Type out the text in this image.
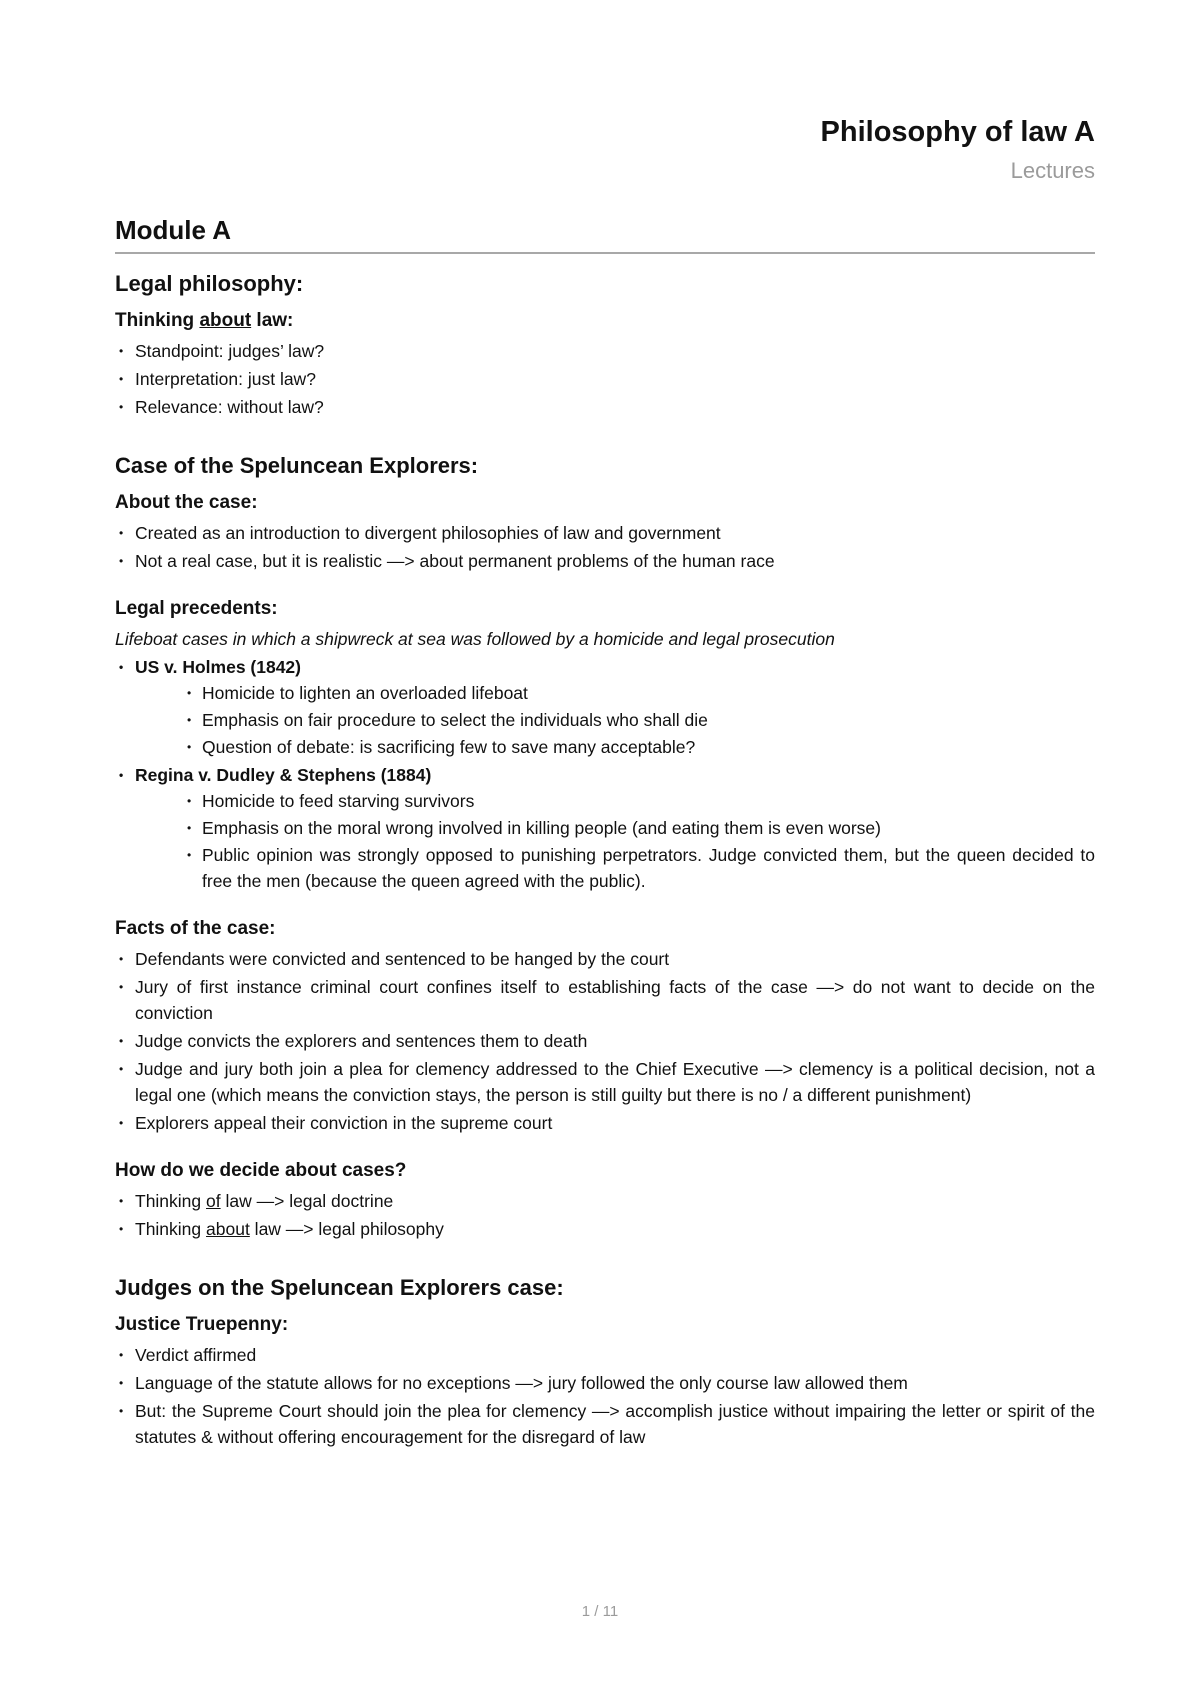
Philosophy of law A
Lectures
Module A
Legal philosophy:
Thinking about law:
• Standpoint: judges’ law?
• Interpretation: just law?
• Relevance: without law?
Case of the Speluncean Explorers:
About the case:
• Created as an introduction to divergent philosophies of law and government
• Not a real case, but it is realistic —> about permanent problems of the human race
Legal precedents:
Lifeboat cases in which a shipwreck at sea was followed by a homicide and legal prosecution
• US v. Holmes (1842)
• Homicide to lighten an overloaded lifeboat
• Emphasis on fair procedure to select the individuals who shall die
• Question of debate: is sacrificing few to save many acceptable?
• Regina v. Dudley & Stephens (1884)
• Homicide to feed starving survivors
• Emphasis on the moral wrong involved in killing people (and eating them is even worse)
• Public opinion was strongly opposed to punishing perpetrators. Judge convicted them, but the queen decided to free the men (because the queen agreed with the public).
Facts of the case:
• Defendants were convicted and sentenced to be hanged by the court
• Jury of first instance criminal court confines itself to establishing facts of the case —> do not want to decide on the conviction
• Judge convicts the explorers and sentences them to death
• Judge and jury both join a plea for clemency addressed to the Chief Executive —> clemency is a political decision, not a legal one (which means the conviction stays, the person is still guilty but there is no / a different punishment)
• Explorers appeal their conviction in the supreme court
How do we decide about cases?
• Thinking of law —> legal doctrine
• Thinking about law —> legal philosophy
Judges on the Speluncean Explorers case:
Justice Truepenny:
• Verdict affirmed
• Language of the statute allows for no exceptions —> jury followed the only course law allowed them
• But: the Supreme Court should join the plea for clemency —> accomplish justice without impairing the letter or spirit of the statutes & without offering encouragement for the disregard of law
1 / 11
